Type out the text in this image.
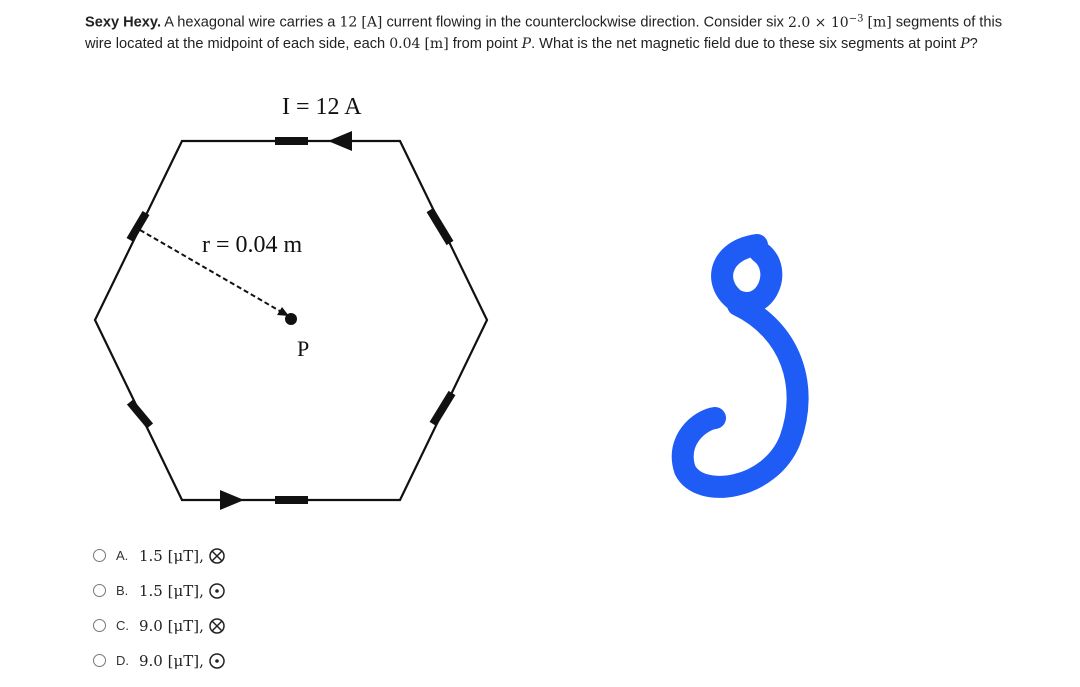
Sexy Hexy. A hexagonal wire carries a 12 [A] current flowing in the counterclockwise direction. Consider six $2.0 \times 10^{-3}$ [m] segments of this wire located at the midpoint of each side, each 0.04 [m] from point P. What is the net magnetic field due to these six segments at point P?
I = 12 A
r = 0.04 m
P
A. 1.5 [μT],
B. 1.5 [μT],
C. 9.0 [μT],
D. 9.0 [μT],
